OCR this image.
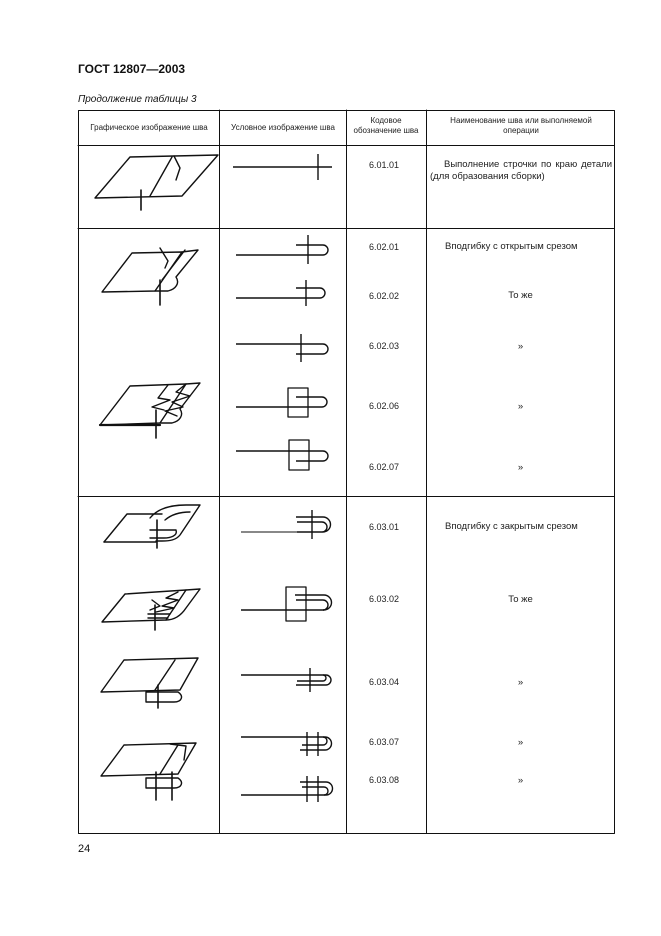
ГОСТ 12807—2003
Продолжение таблицы 3
Графическое изображение шва	Условное изображение шва
Кодовое обозначение шва
Наименование шва или выполняемой операции
6.01.01
6.02.01
6.02.02
6.02.03
6.02.06
6.02.07
6.03.01
6.03.02
6.03.04
6.03.07
6.03.08
Выполнение строчки по краю детали (для образования сборки)
Вподгибку с открытым срезом
То же
»
»
»
Вподгибку с закрытым срезом
То же
»
»
»
24
